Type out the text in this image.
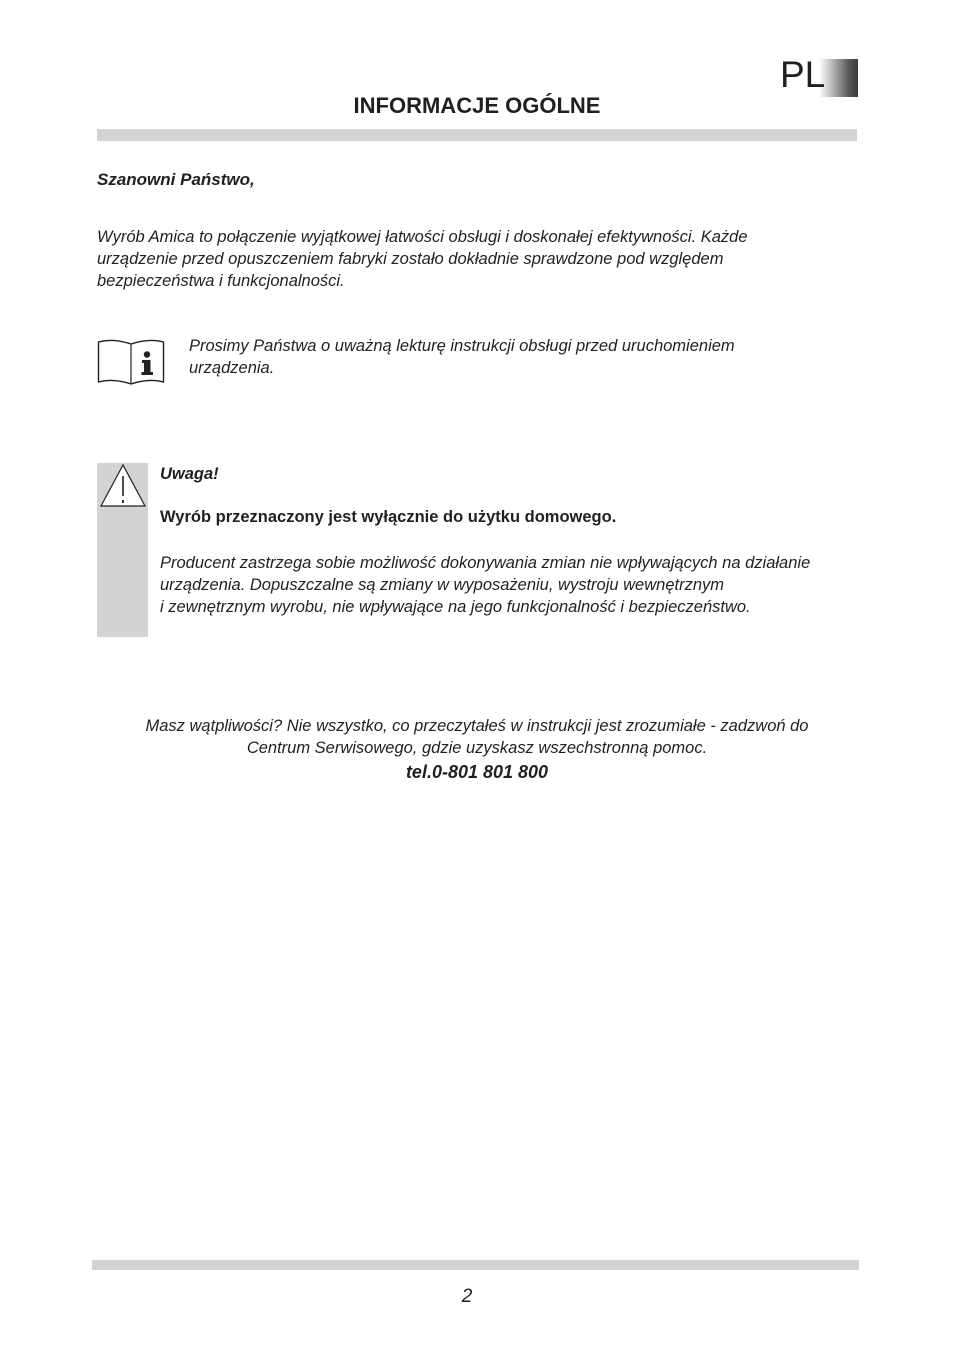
PL
INFORMACJE OGÓLNE
Szanowni Państwo,
Wyrób Amica to połączenie wyjątkowej łatwości obsługi i doskonałej efektywności. Każde
urządzenie przed opuszczeniem fabryki zostało dokładnie sprawdzone pod względem
bezpieczeństwa i funkcjonalności.
Prosimy Państwa o uważną lekturę instrukcji obsługi przed uruchomieniem
urządzenia.
Uwaga!
Wyrób przeznaczony jest wyłącznie do użytku domowego.
Producent zastrzega sobie możliwość dokonywania zmian nie wpływających na działanie
urządzenia. Dopuszczalne są zmiany w wyposażeniu, wystroju wewnętrznym
i zewnętrznym wyrobu, nie wpływające na jego funkcjonalność i bezpieczeństwo.
Masz wątpliwości? Nie wszystko, co przeczytałeś w instrukcji jest zrozumiałe - zadzwoń do
Centrum Serwisowego, gdzie uzyskasz wszechstronną pomoc.
tel.0-801 801 800
2
